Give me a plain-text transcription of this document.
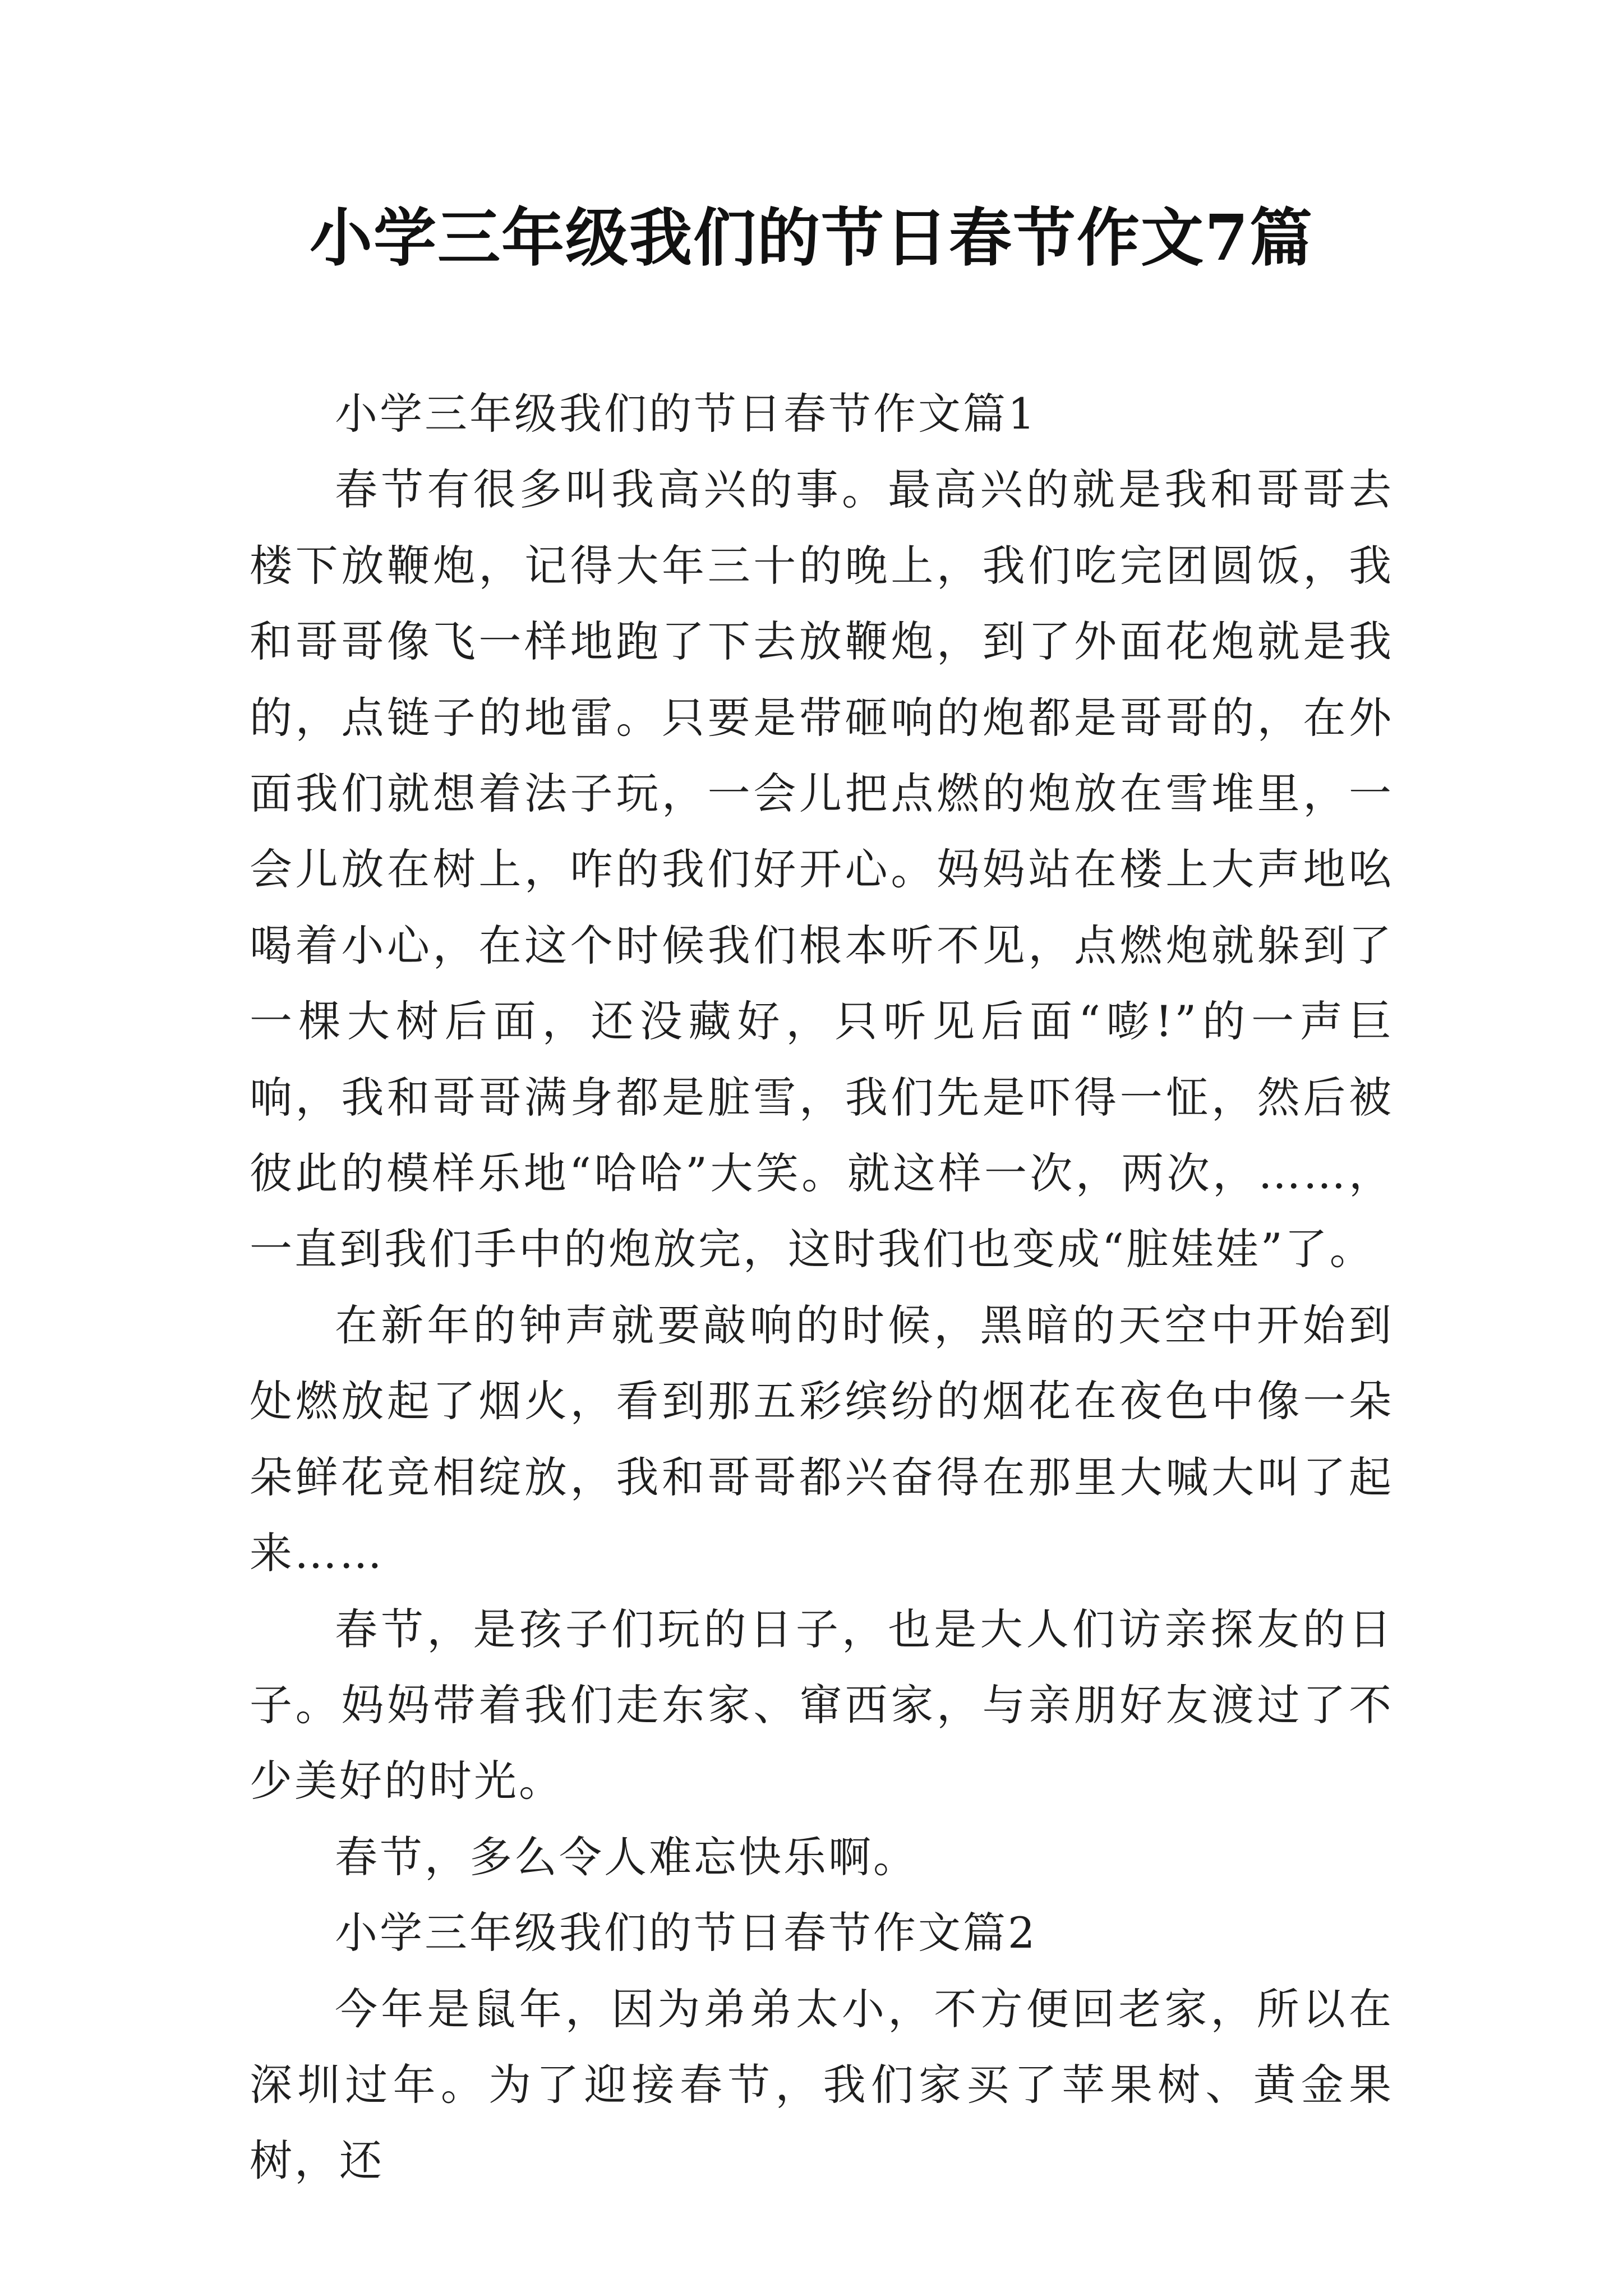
小学三年级我们的节日春节作文7篇

小学三年级我们的节日春节作文篇1

春节有很多叫我高兴的事。最高兴的就是我和哥哥去楼下放鞭炮，记得大年三十的晚上，我们吃完团圆饭，我和哥哥像飞一样地跑了下去放鞭炮，到了外面花炮就是我的，点链子的地雷。只要是带砸响的炮都是哥哥的，在外面我们就想着法子玩，一会儿把点燃的炮放在雪堆里，一会儿放在树上，咋的我们好开心。妈妈站在楼上大声地吆喝着小心，在这个时候我们根本听不见，点燃炮就躲到了一棵大树后面，还没藏好，只听见后面“嘭!”的一声巨响，我和哥哥满身都是脏雪，我们先是吓得一怔，然后被彼此的模样乐地“哈哈”大笑。就这样一次，两次，……，一直到我们手中的炮放完，这时我们也变成“脏娃娃”了。

在新年的钟声就要敲响的时候，黑暗的天空中开始到处燃放起了烟火，看到那五彩缤纷的烟花在夜色中像一朵朵鲜花竞相绽放，我和哥哥都兴奋得在那里大喊大叫了起来……

春节，是孩子们玩的日子，也是大人们访亲探友的日子。妈妈带着我们走东家、窜西家，与亲朋好友渡过了不少美好的时光。

春节，多么令人难忘快乐啊。

小学三年级我们的节日春节作文篇2

今年是鼠年，因为弟弟太小，不方便回老家，所以在深圳过年。为了迎接春节，我们家买了苹果树、黄金果树，还
